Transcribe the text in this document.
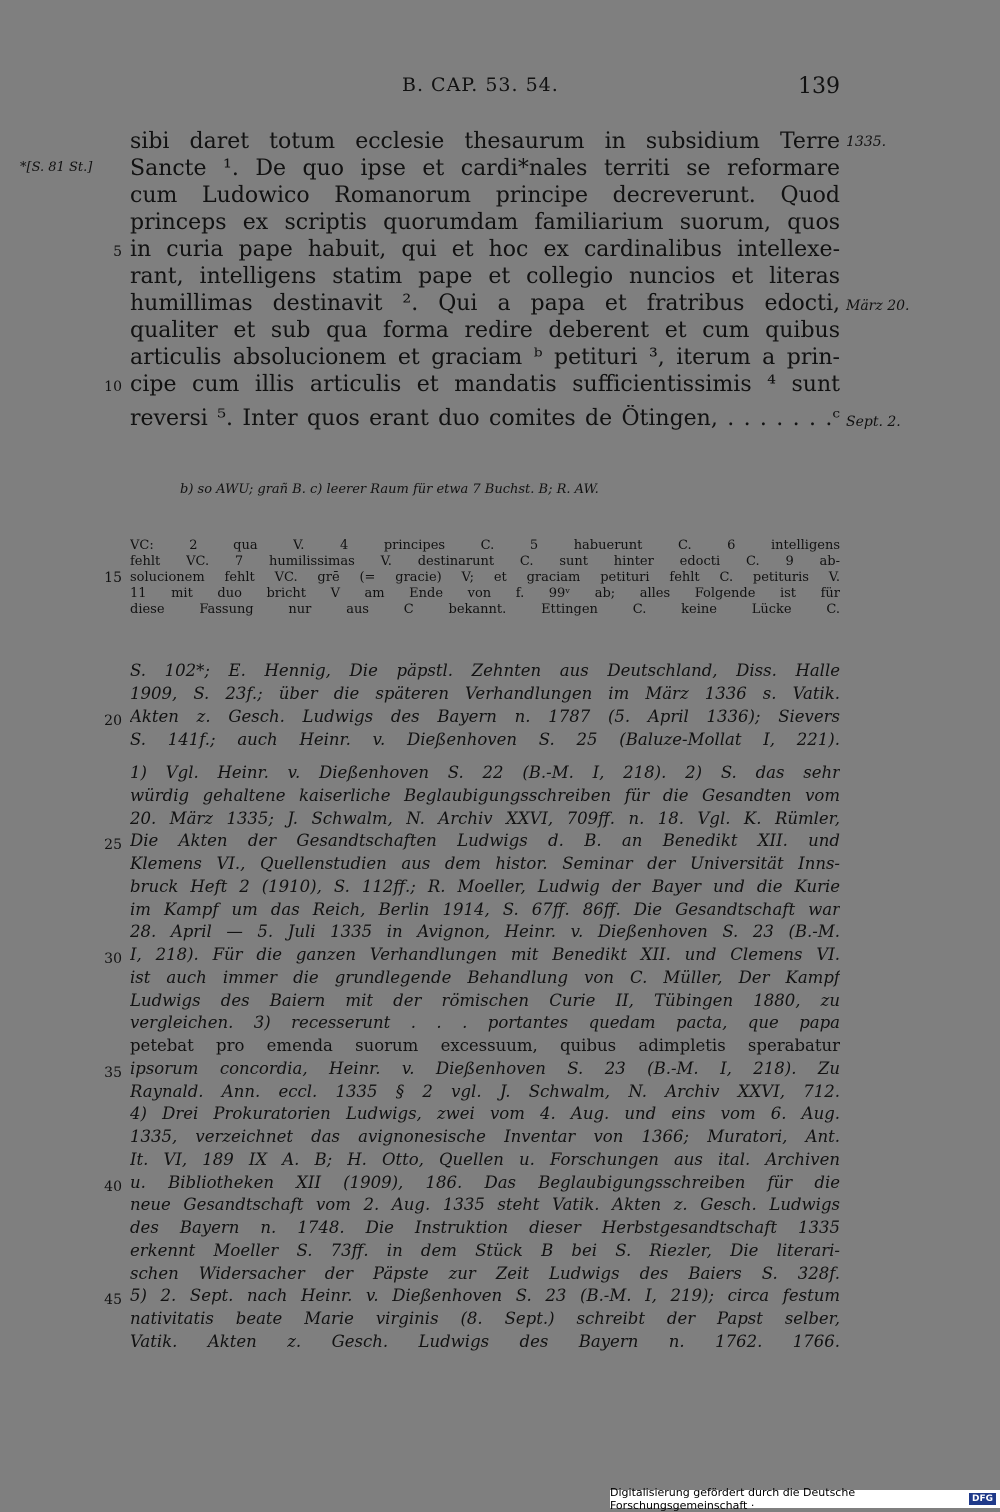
B. CAP. 53. 54.	139
sibi daret totum ecclesie thesaurum in subsidium Terre
Sancte ¹. De quo ipse et cardi*nales territi se reformare
cum Ludowico Romanorum principe decreverunt. Quod
princeps ex scriptis quorumdam familiarium suorum, quos
in curia pape habuit, qui et hoc ex cardinalibus intellexe-
rant, intelligens statim pape et collegio nuncios et literas
humillimas destinavit ². Qui a papa et fratribus edocti,
qualiter et sub qua forma redire deberent et cum quibus
articulis absolucionem et graciam ᵇ petituri ³, iterum a prin-
cipe cum illis articulis et mandatis sufficientissimis ⁴ sunt
reversi ⁵. Inter quos erant duo comites de Ötingen, . . . . . . .ᶜ
5
10
*[S. 81 St.]
1335.
März 20.
Sept. 2.
b) so AWU; grañ B. c) leerer Raum für etwa 7 Buchst. B; R. AW.
VC: 2 qua V. 4 principes C. 5 habuerunt C. 6 intelligens
fehlt VC. 7 humilissimas V. destinarunt C. sunt hinter edocti C. 9 ab-
solucionem fehlt VC. grē (= gracie) V; et graciam petituri fehlt C. petituris V.
11 mit duo bricht V am Ende von f. 99ᵛ ab; alles Folgende ist für
diese Fassung nur aus C bekannt. Ettingen C. keine Lücke C.
15
S. 102*; E. Hennig, Die päpstl. Zehnten aus Deutschland, Diss. Halle
1909, S. 23f.; über die späteren Verhandlungen im März 1336 s. Vatik.
Akten z. Gesch. Ludwigs des Bayern n. 1787 (5. April 1336); Sievers
S. 141f.; auch Heinr. v. Dießenhoven S. 25 (Baluze-Mollat I, 221).
1) Vgl. Heinr. v. Dießenhoven S. 22 (B.-M. I, 218). 2) S. das sehr
würdig gehaltene kaiserliche Beglaubigungsschreiben für die Gesandten vom
20. März 1335; J. Schwalm, N. Archiv XXVI, 709ff. n. 18. Vgl. K. Rümler,
Die Akten der Gesandtschaften Ludwigs d. B. an Benedikt XII. und
Klemens VI., Quellenstudien aus dem histor. Seminar der Universität Inns-
bruck Heft 2 (1910), S. 112ff.; R. Moeller, Ludwig der Bayer und die Kurie
im Kampf um das Reich, Berlin 1914, S. 67ff. 86ff. Die Gesandtschaft war
28. April — 5. Juli 1335 in Avignon, Heinr. v. Dießenhoven S. 23 (B.-M.
I, 218). Für die ganzen Verhandlungen mit Benedikt XII. und Clemens VI.
ist auch immer die grundlegende Behandlung von C. Müller, Der Kampf
Ludwigs des Baiern mit der römischen Curie II, Tübingen 1880, zu
vergleichen. 3) recesserunt . . . portantes quedam pacta, que papa
petebat pro emenda suorum excessuum, quibus adimpletis sperabatur
ipsorum concordia, Heinr. v. Dießenhoven S. 23 (B.-M. I, 218). Zu
Raynald. Ann. eccl. 1335 § 2 vgl. J. Schwalm, N. Archiv XXVI, 712.
4) Drei Prokuratorien Ludwigs, zwei vom 4. Aug. und eins vom 6. Aug.
1335, verzeichnet das avignonesische Inventar von 1366; Muratori, Ant.
It. VI, 189 IX A. B; H. Otto, Quellen u. Forschungen aus ital. Archiven
u. Bibliotheken XII (1909), 186. Das Beglaubigungsschreiben für die
neue Gesandtschaft vom 2. Aug. 1335 steht Vatik. Akten z. Gesch. Ludwigs
des Bayern n. 1748. Die Instruktion dieser Herbstgesandtschaft 1335
erkennt Moeller S. 73ff. in dem Stück B bei S. Riezler, Die literari-
schen Widersacher der Päpste zur Zeit Ludwigs des Baiers S. 328f.
5) 2. Sept. nach Heinr. v. Dießenhoven S. 23 (B.-M. I, 219); circa festum
nativitatis beate Marie virginis (8. Sept.) schreibt der Papst selber,
Vatik. Akten z. Gesch. Ludwigs des Bayern n. 1762. 1766.
20
25
30
35
40
45
Digitalisierung gefördert durch die Deutsche Forschungsgemeinschaft ·	DFG
